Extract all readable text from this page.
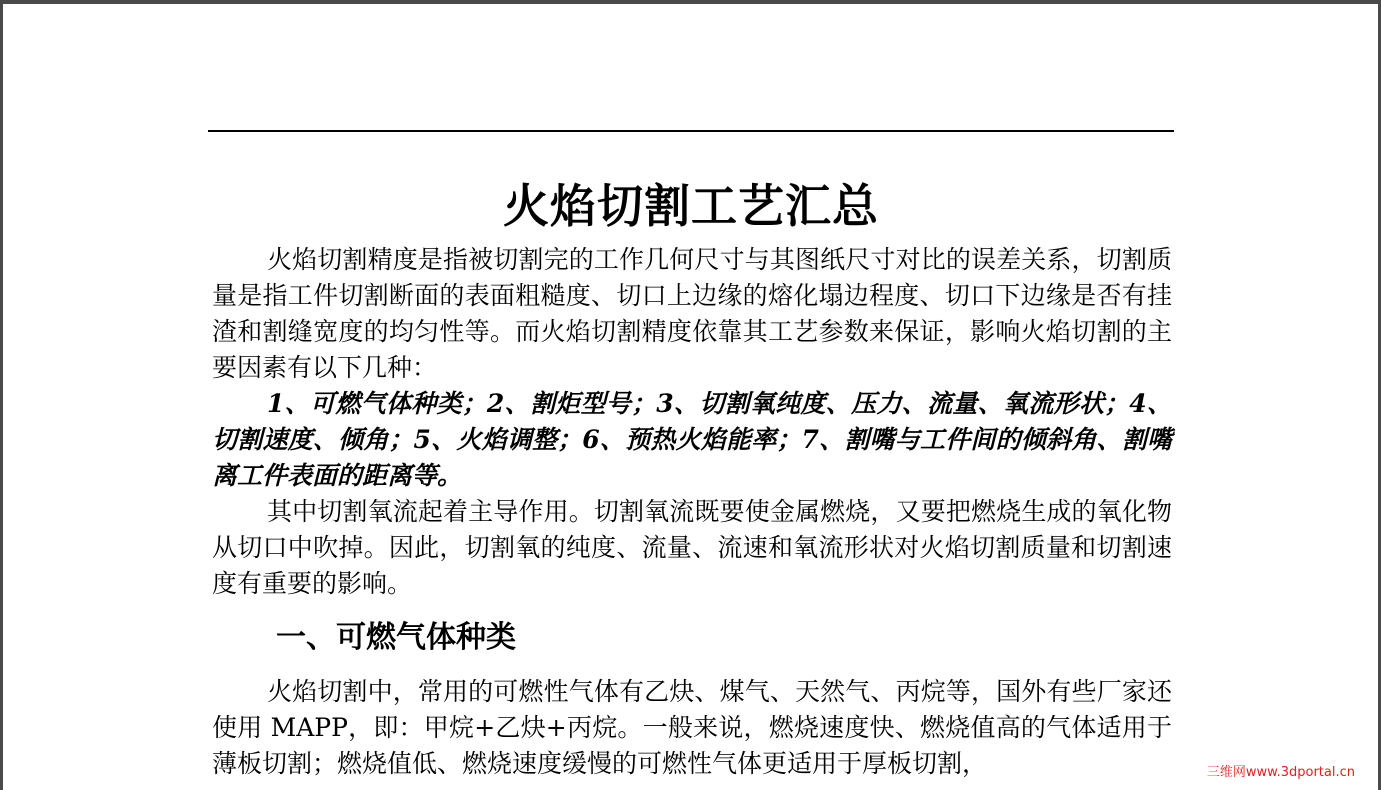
火焰切割工艺汇总

火焰切割精度是指被切割完的工作几何尺寸与其图纸尺寸对比的误差关系，切割质量是指工件切割断面的表面粗糙度、切口上边缘的熔化塌边程度、切口下边缘是否有挂渣和割缝宽度的均匀性等。而火焰切割精度依靠其工艺参数来保证，影响火焰切割的主要因素有以下几种：

1、可燃气体种类；2、割炬型号；3、切割氧纯度、压力、流量、氧流形状；4、切割速度、倾角；5、火焰调整；6、预热火焰能率；7、割嘴与工件间的倾斜角、割嘴离工件表面的距离等。

其中切割氧流起着主导作用。切割氧流既要使金属燃烧，又要把燃烧生成的氧化物从切口中吹掉。因此，切割氧的纯度、流量、流速和氧流形状对火焰切割质量和切割速度有重要的影响。

一、可燃气体种类

火焰切割中，常用的可燃性气体有乙炔、煤气、天然气、丙烷等，国外有些厂家还使用 MAPP，即：甲烷+乙炔+丙烷。一般来说，燃烧速度快、燃烧值高的气体适用于薄板切割；燃烧值低、燃烧速度缓慢的可燃性气体更适用于厚板切割，	三维网www.3dportal.cn
